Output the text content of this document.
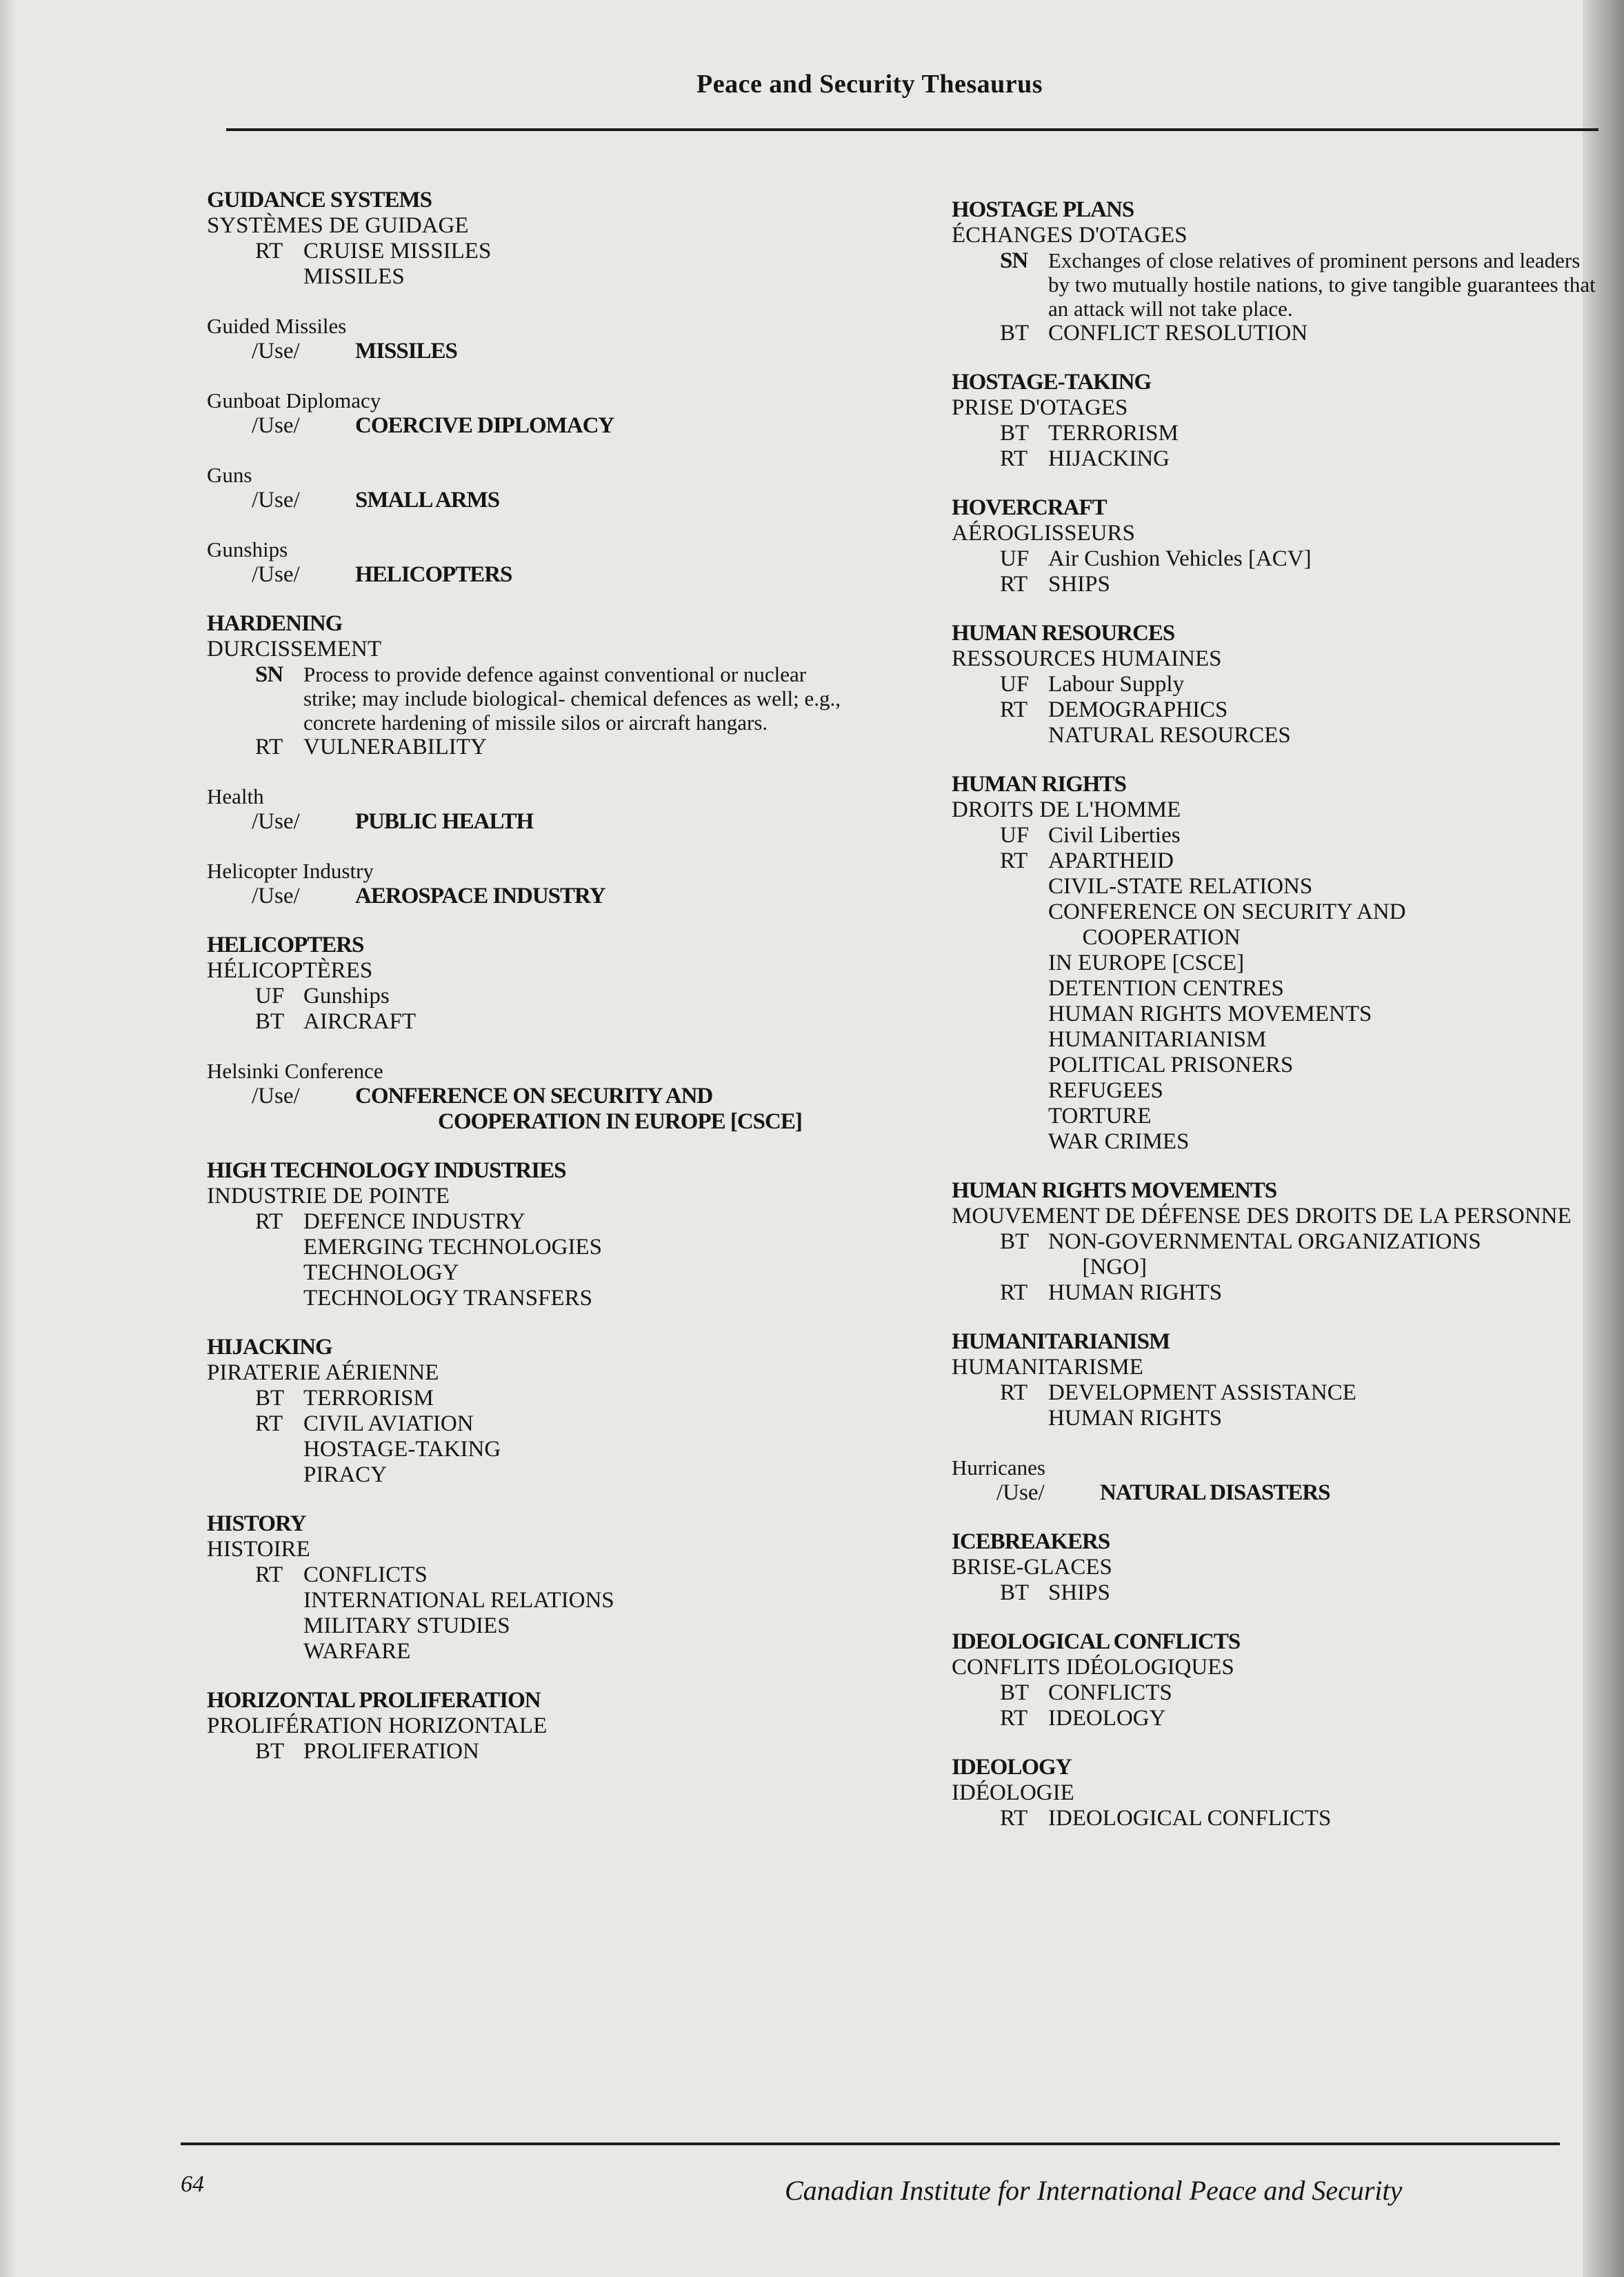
Peace and Security Thesaurus
GUIDANCE SYSTEMS
SYSTÈMES DE GUIDAGE
RT CRUISE MISSILES
MISSILES
Guided Missiles
/Use/	MISSILES
Gunboat Diplomacy
/Use/	COERCIVE DIPLOMACY
Guns
/Use/	SMALL ARMS
Gunships
/Use/	HELICOPTERS
HARDENING
DURCISSEMENT
SN Process to provide defence against conventional or nuclear strike; may include biological- chemical defences as well; e.g., concrete hardening of missile silos or aircraft hangars.
RT VULNERABILITY
Health
/Use/	PUBLIC HEALTH
Helicopter Industry
/Use/	AEROSPACE INDUSTRY
HELICOPTERS
HÉLICOPTÈRES
UF Gunships
BT AIRCRAFT
Helsinki Conference
/Use/	CONFERENCE ON SECURITY AND
COOPERATION IN EUROPE [CSCE]
HIGH TECHNOLOGY INDUSTRIES
INDUSTRIE DE POINTE
RT DEFENCE INDUSTRY
EMERGING TECHNOLOGIES
TECHNOLOGY
TECHNOLOGY TRANSFERS
HIJACKING
PIRATERIE AÉRIENNE
BT TERRORISM
RT CIVIL AVIATION
HOSTAGE-TAKING
PIRACY
HISTORY
HISTOIRE
RT CONFLICTS
INTERNATIONAL RELATIONS
MILITARY STUDIES
WARFARE
HORIZONTAL PROLIFERATION
PROLIFÉRATION HORIZONTALE
BT PROLIFERATION
HOSTAGE PLANS
ÉCHANGES D'OTAGES
SN Exchanges of close relatives of prominent persons and leaders by two mutually hostile nations, to give tangible guarantees that an attack will not take place.
BT CONFLICT RESOLUTION
HOSTAGE-TAKING
PRISE D'OTAGES
BT TERRORISM
RT HIJACKING
HOVERCRAFT
AÉROGLISSEURS
UF Air Cushion Vehicles [ACV]
RT SHIPS
HUMAN RESOURCES
RESSOURCES HUMAINES
UF Labour Supply
RT DEMOGRAPHICS
NATURAL RESOURCES
HUMAN RIGHTS
DROITS DE L'HOMME
UF Civil Liberties
RT APARTHEID
CIVIL-STATE RELATIONS
CONFERENCE ON SECURITY AND
COOPERATION
IN EUROPE [CSCE]
DETENTION CENTRES
HUMAN RIGHTS MOVEMENTS
HUMANITARIANISM
POLITICAL PRISONERS
REFUGEES
TORTURE
WAR CRIMES
HUMAN RIGHTS MOVEMENTS
MOUVEMENT DE DÉFENSE DES DROITS DE LA PERSONNE
BT NON-GOVERNMENTAL ORGANIZATIONS
[NGO]
RT HUMAN RIGHTS
HUMANITARIANISM
HUMANITARISME
RT DEVELOPMENT ASSISTANCE
HUMAN RIGHTS
Hurricanes
/Use/	NATURAL DISASTERS
ICEBREAKERS
BRISE-GLACES
BT SHIPS
IDEOLOGICAL CONFLICTS
CONFLITS IDÉOLOGIQUES
BT CONFLICTS
RT IDEOLOGY
IDEOLOGY
IDÉOLOGIE
RT IDEOLOGICAL CONFLICTS
64	Canadian Institute for International Peace and Security
